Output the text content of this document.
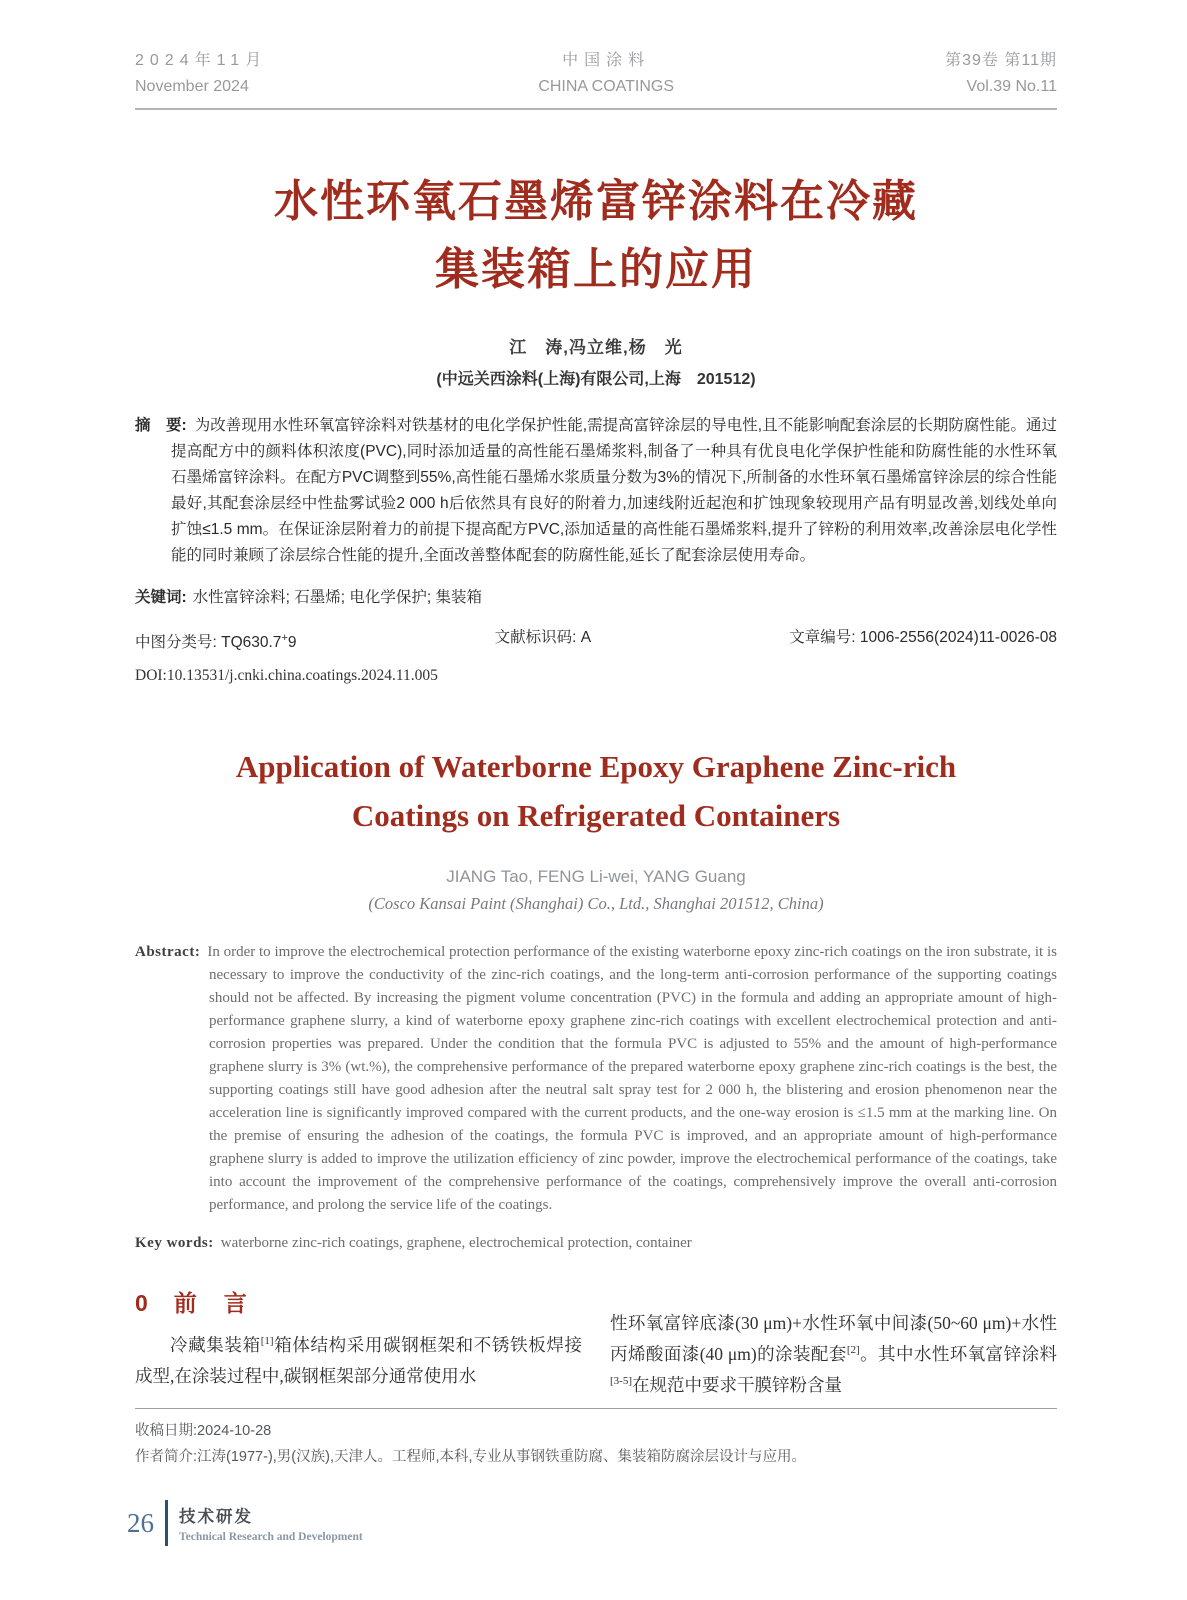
2024年11月
November 2024
中国涂料
CHINA COATINGS
第39卷 第11期
Vol.39 No.11
水性环氧石墨烯富锌涂料在冷藏
集装箱上的应用
江　涛,冯立维,杨　光
(中远关西涂料(上海)有限公司,上海　201512)

摘　要: 为改善现用水性环氧富锌涂料对铁基材的电化学保护性能,需提高富锌涂层的导电性,且不能影响配套涂层的长期防腐性能。通过提高配方中的颜料体积浓度(PVC),同时添加适量的高性能石墨烯浆料,制备了一种具有优良电化学保护性能和防腐性能的水性环氧石墨烯富锌涂料。在配方PVC调整到55%,高性能石墨烯水浆质量分数为3%的情况下,所制备的水性环氧石墨烯富锌涂层的综合性能最好,其配套涂层经中性盐雾试验2 000 h后依然具有良好的附着力,加速线附近起泡和扩蚀现象较现用产品有明显改善,划线处单向扩蚀≤1.5 mm。在保证涂层附着力的前提下提高配方PVC,添加适量的高性能石墨烯浆料,提升了锌粉的利用效率,改善涂层电化学性能的同时兼顾了涂层综合性能的提升,全面改善整体配套的防腐性能,延长了配套涂层使用寿命。

关键词: 水性富锌涂料; 石墨烯; 电化学保护; 集装箱

中图分类号: TQ630.7+9	文献标识码: A	文章编号: 1006-2556(2024)11-0026-08
DOI:10.13531/j.cnki.china.coatings.2024.11.005
Application of Waterborne Epoxy Graphene Zinc-rich
Coatings on Refrigerated Containers
JIANG Tao, FENG Li-wei, YANG Guang
(Cosco Kansai Paint (Shanghai) Co., Ltd., Shanghai 201512, China)

Abstract: In order to improve the electrochemical protection performance of the existing waterborne epoxy zinc-rich coatings on the iron substrate, it is necessary to improve the conductivity of the zinc-rich coatings, and the long-term anti-corrosion performance of the supporting coatings should not be affected. By increasing the pigment volume concentration (PVC) in the formula and adding an appropriate amount of high-performance graphene slurry, a kind of waterborne epoxy graphene zinc-rich coatings with excellent electrochemical protection and anti-corrosion properties was prepared. Under the condition that the formula PVC is adjusted to 55% and the amount of high-performance graphene slurry is 3% (wt.%), the comprehensive performance of the prepared waterborne epoxy graphene zinc-rich coatings is the best, the supporting coatings still have good adhesion after the neutral salt spray test for 2 000 h, the blistering and erosion phenomenon near the acceleration line is significantly improved compared with the current products, and the one-way erosion is ≤1.5 mm at the marking line. On the premise of ensuring the adhesion of the coatings, the formula PVC is improved, and an appropriate amount of high-performance graphene slurry is added to improve the utilization efficiency of zinc powder, improve the electrochemical performance of the coatings, take into account the improvement of the comprehensive performance of the coatings, comprehensively improve the overall anti-corrosion performance, and prolong the service life of the coatings.

Key words: waterborne zinc-rich coatings, graphene, electrochemical protection, container

0 前　言

冷藏集装箱[1]箱体结构采用碳钢框架和不锈铁板焊接成型,在涂装过程中,碳钢框架部分通常使用水

性环氧富锌底漆(30 μm)+水性环氧中间漆(50~60 μm)+水性丙烯酸面漆(40 μm)的涂装配套[2]。其中水性环氧富锌涂料[3-5]在规范中要求干膜锌粉含量

收稿日期:2024-10-28
作者简介:江涛(1977-),男(汉族),天津人。工程师,本科,专业从事钢铁重防腐、集装箱防腐涂层设计与应用。
26 技术研发
Technical Research and Development
